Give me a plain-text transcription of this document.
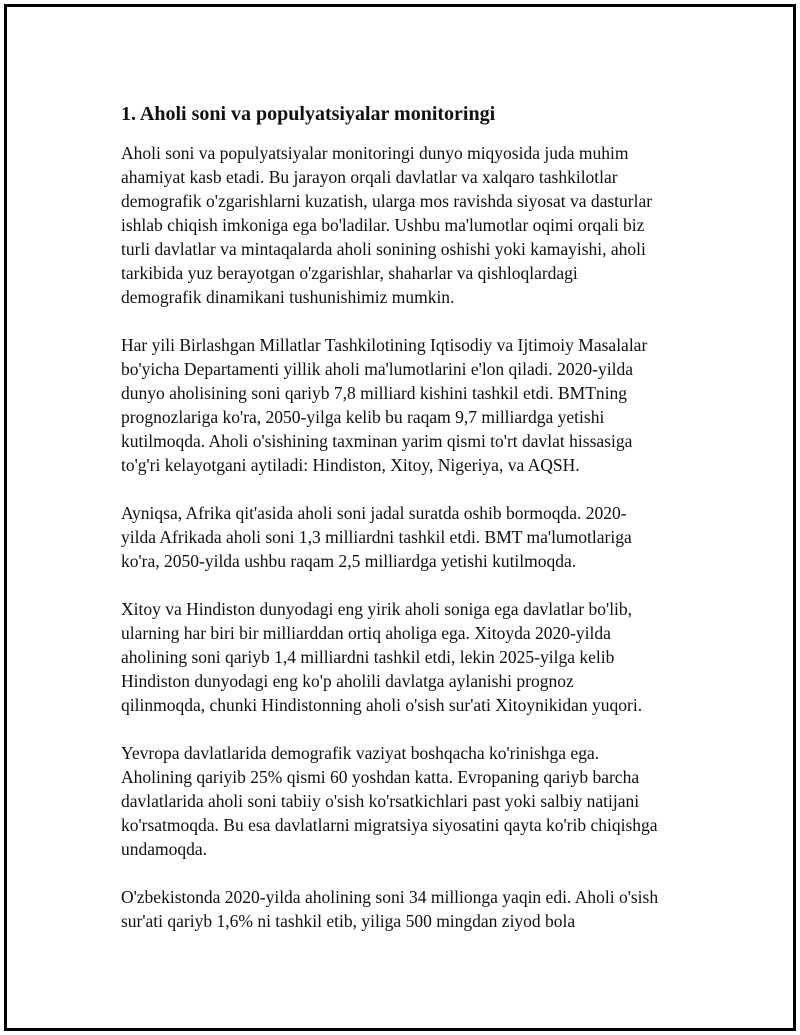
1. Aholi soni va populyatsiyalar monitoringi

Aholi soni va populyatsiyalar monitoringi dunyo miqyosida juda muhim
ahamiyat kasb etadi. Bu jarayon orqali davlatlar va xalqaro tashkilotlar
demografik o'zgarishlarni kuzatish, ularga mos ravishda siyosat va dasturlar
ishlab chiqish imkoniga ega bo'ladilar. Ushbu ma'lumotlar oqimi orqali biz
turli davlatlar va mintaqalarda aholi sonining oshishi yoki kamayishi, aholi
tarkibida yuz berayotgan o'zgarishlar, shaharlar va qishloqlardagi
demografik dinamikani tushunishimiz mumkin.

Har yili Birlashgan Millatlar Tashkilotining Iqtisodiy va Ijtimoiy Masalalar
bo'yicha Departamenti yillik aholi ma'lumotlarini e'lon qiladi. 2020-yilda
dunyo aholisining soni qariyb 7,8 milliard kishini tashkil etdi. BMTning
prognozlariga ko'ra, 2050-yilga kelib bu raqam 9,7 milliardga yetishi
kutilmoqda. Aholi o'sishining taxminan yarim qismi to'rt davlat hissasiga
to'g'ri kelayotgani aytiladi: Hindiston, Xitoy, Nigeriya, va AQSH.

Ayniqsa, Afrika qit'asida aholi soni jadal suratda oshib bormoqda. 2020-
yilda Afrikada aholi soni 1,3 milliardni tashkil etdi. BMT ma'lumotlariga
ko'ra, 2050-yilda ushbu raqam 2,5 milliardga yetishi kutilmoqda.

Xitoy va Hindiston dunyodagi eng yirik aholi soniga ega davlatlar bo'lib,
ularning har biri bir milliarddan ortiq aholiga ega. Xitoyda 2020-yilda
aholining soni qariyb 1,4 milliardni tashkil etdi, lekin 2025-yilga kelib
Hindiston dunyodagi eng ko'p aholili davlatga aylanishi prognoz
qilinmoqda, chunki Hindistonning aholi o'sish sur'ati Xitoynikidan yuqori.

Yevropa davlatlarida demografik vaziyat boshqacha ko'rinishga ega.
Aholining qariyib 25% qismi 60 yoshdan katta. Evropaning qariyb barcha
davlatlarida aholi soni tabiiy o'sish ko'rsatkichlari past yoki salbiy natijani
ko'rsatmoqda. Bu esa davlatlarni migratsiya siyosatini qayta ko'rib chiqishga
undamoqda.

O'zbekistonda 2020-yilda aholining soni 34 millionga yaqin edi. Aholi o'sish
sur'ati qariyb 1,6% ni tashkil etib, yiliga 500 mingdan ziyod bola
